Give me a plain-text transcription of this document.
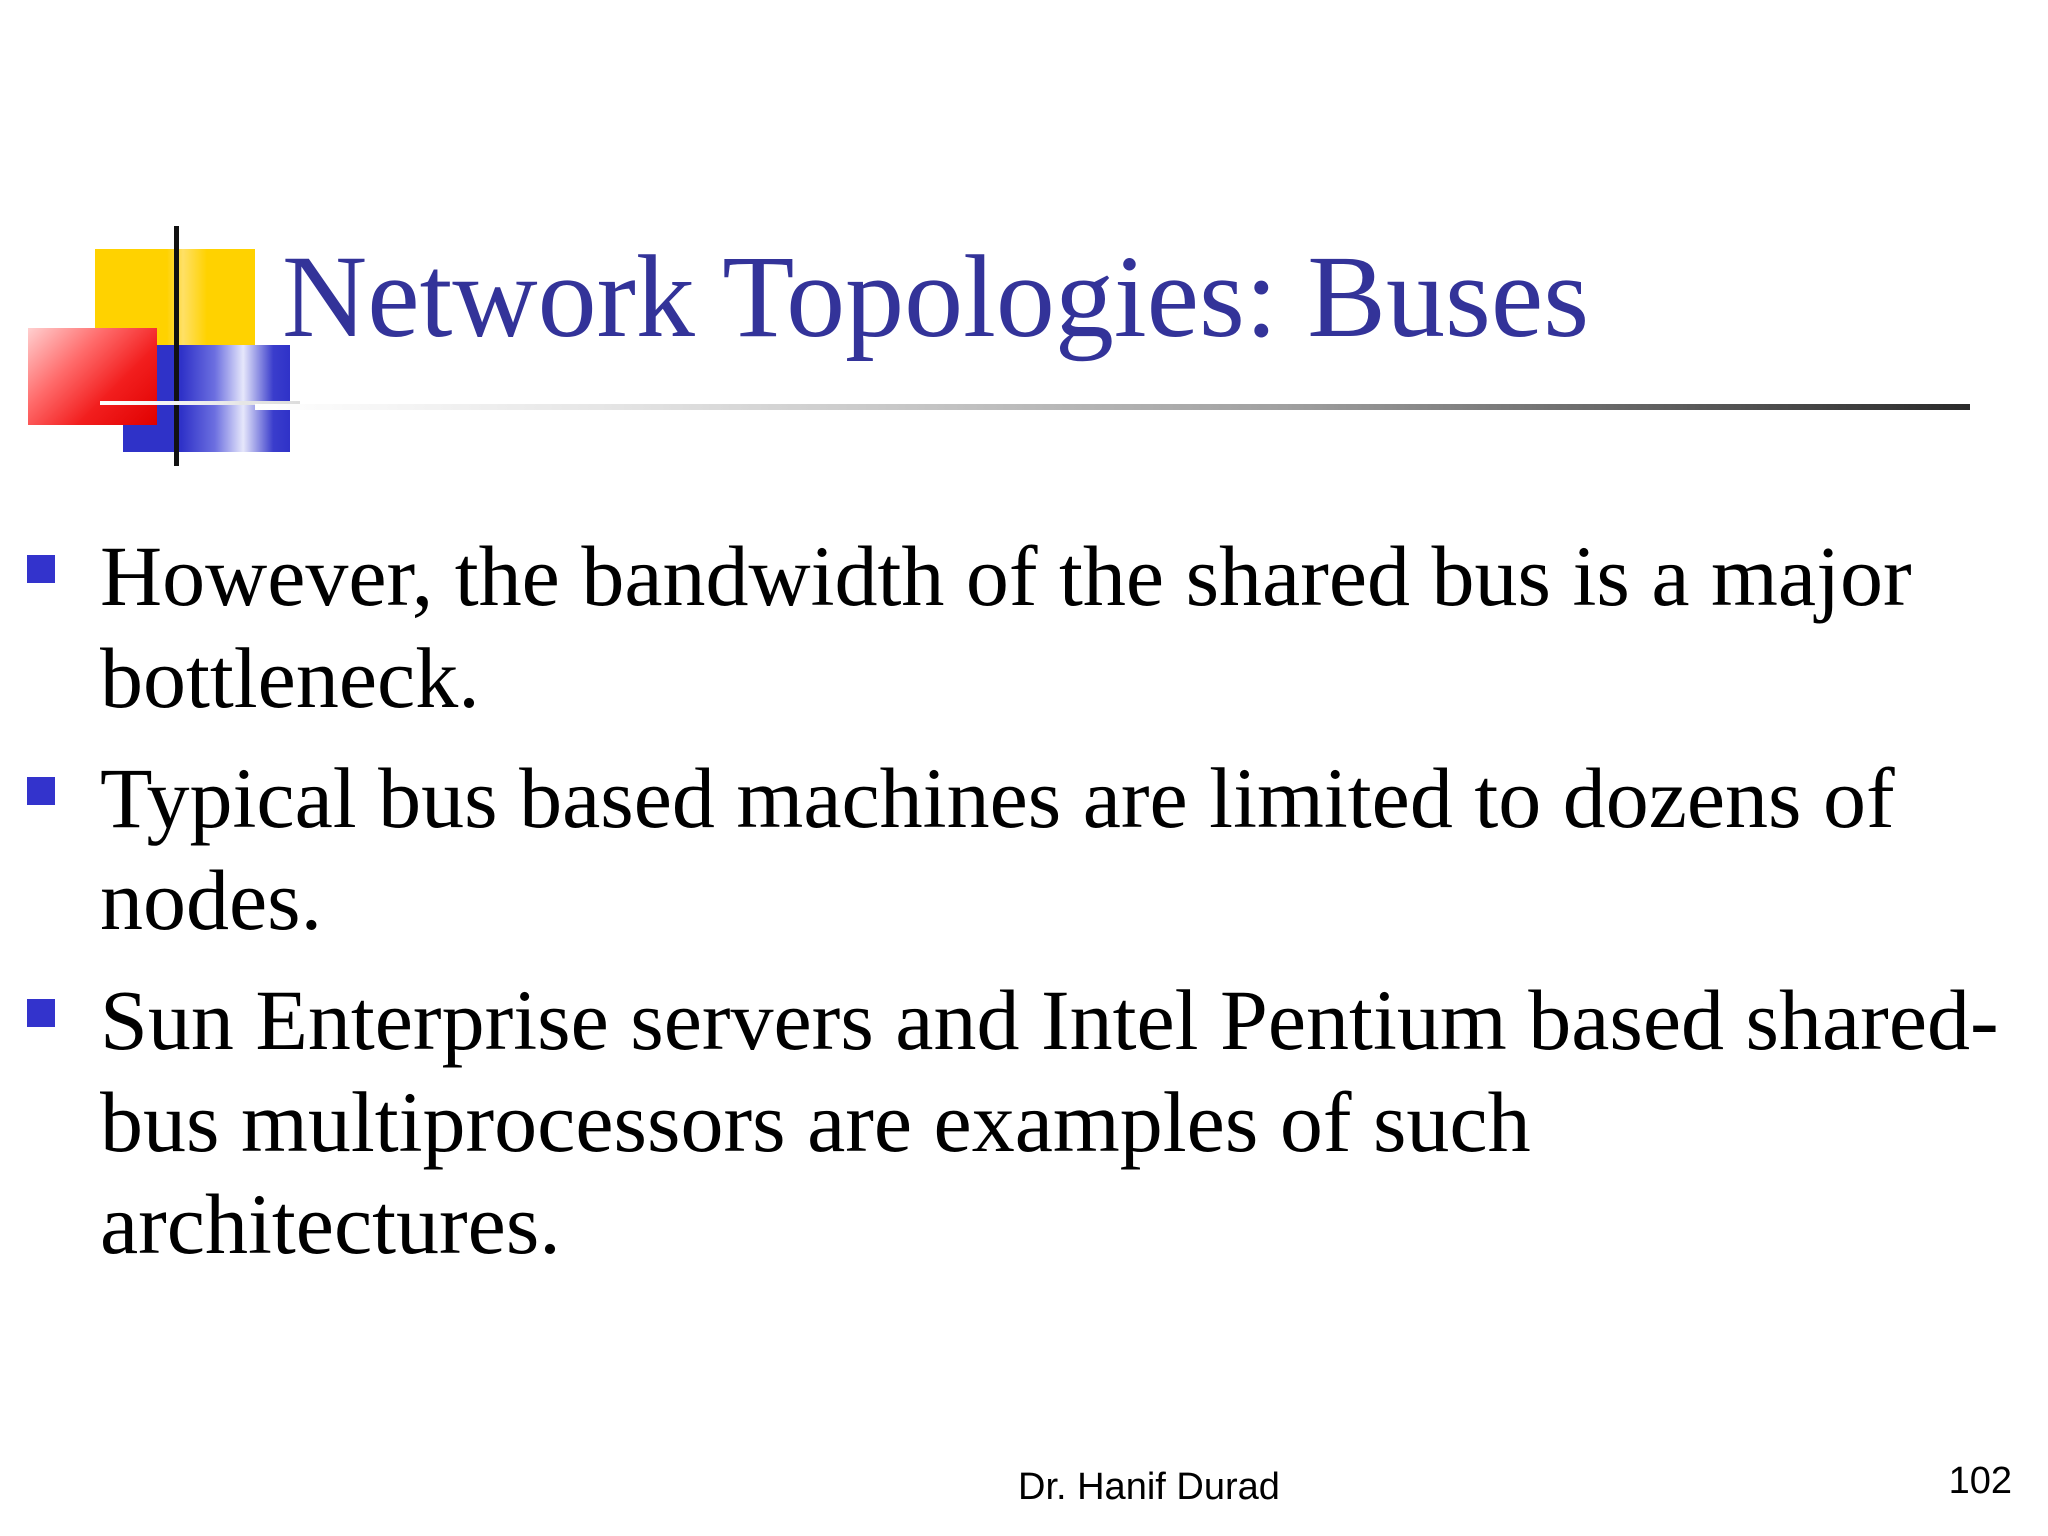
Network Topologies: Buses
However, the bandwidth of the shared bus is a major bottleneck.
Typical bus based machines are limited to dozens of nodes.
Sun Enterprise servers and Intel Pentium based shared-bus multiprocessors are examples of such architectures.
Dr. Hanif Durad	102
